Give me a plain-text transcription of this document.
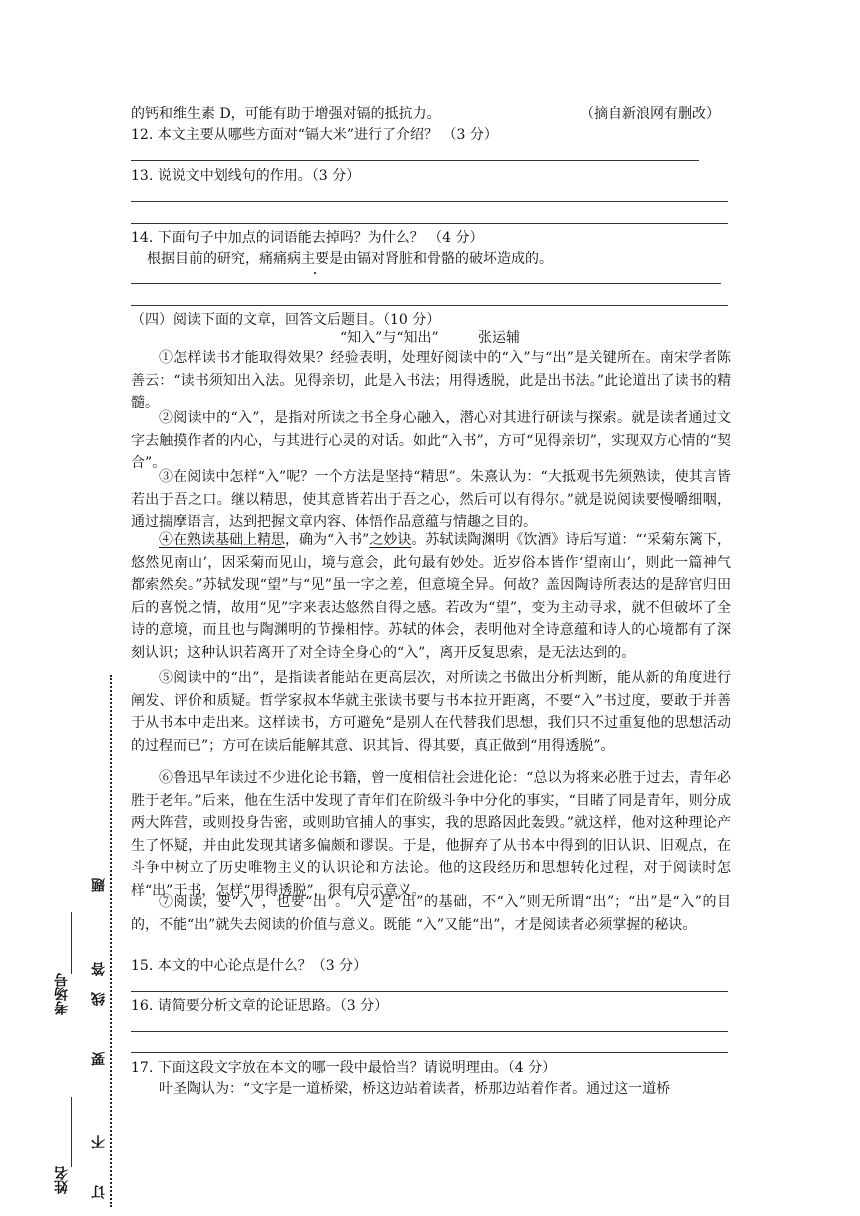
的钙和维生素 D，可能有助于增强对镉的抵抗力。	（摘自新浪网有删改）
12. 本文主要从哪些方面对“镉大米”进行了介绍？ （3 分）
13. 说说文中划线句的作用。（3 分）
14. 下面句子中加点的词语能去掉吗？为什么？ （4 分）
根据目前的研究，痛痛病主要是由镉对肾脏和骨骼的破坏造成的。
（四）阅读下面的文章，回答文后题目。（10 分）
“知入”与“知出”	张运辅
①怎样读书才能取得效果？经验表明，处理好阅读中的“入”与“出”是关键所在。南宋学者陈善云：“读书须知出入法。见得亲切，此是入书法；用得透脱，此是出书法。”此论道出了读书的精髓。
②阅读中的“入”，是指对所读之书全身心融入，潜心对其进行研读与探索。就是读者通过文字去触摸作者的内心，与其进行心灵的对话。如此“入书”，方可“见得亲切”，实现双方心情的“契合”。
③在阅读中怎样“入”呢？一个方法是坚持“精思”。朱熹认为：“大抵观书先须熟读，使其言皆若出于吾之口。继以精思，使其意皆若出于吾之心，然后可以有得尔。”就是说阅读要慢嚼细咽，通过揣摩语言，达到把握文章内容、体悟作品意蕴与情趣之目的。
④在熟读基础上精思，确为“入书”之妙诀。苏轼读陶渊明《饮酒》诗后写道：“‘采菊东篱下，悠然见南山’，因采菊而见山，境与意会，此句最有妙处。近岁俗本皆作‘望南山’，则此一篇神气都索然矣。”苏轼发现“望”与“见”虽一字之差，但意境全异。何故？盖因陶诗所表达的是辞官归田后的喜悦之情，故用“见”字来表达悠然自得之感。若改为“望”，变为主动寻求，就不但破坏了全诗的意境，而且也与陶渊明的节操相悖。苏轼的体会，表明他对全诗意蕴和诗人的心境都有了深刻认识；这种认识若离开了对全诗全身心的“入”，离开反复思索，是无法达到的。
⑤阅读中的“出”，是指读者能站在更高层次，对所读之书做出分析判断，能从新的角度进行阐发、评价和质疑。哲学家叔本华就主张读书要与书本拉开距离，不要“入”书过度，要敢于并善于从书本中走出来。这样读书，方可避免“是别人在代替我们思想，我们只不过重复他的思想活动的过程而已”；方可在读后能解其意、识其旨、得其要，真正做到“用得透脱”。
⑥鲁迅早年读过不少进化论书籍，曾一度相信社会进化论：“总以为将来必胜于过去，青年必胜于老年。”后来，他在生活中发现了青年们在阶级斗争中分化的事实，“目睹了同是青年，则分成两大阵营，或则投身告密，或则助官捕人的事实，我的思路因此轰毁。”就这样，他对这种理论产生了怀疑，并由此发现其诸多偏颇和谬误。于是，他摒弃了从书本中得到的旧认识、旧观点，在斗争中树立了历史唯物主义的认识论和方法论。他的这段经历和思想转化过程，对于阅读时怎样“出”于书，怎样“用得透脱”，很有启示意义。
⑦阅读，要“入”，也要“出”。“入”是“出”的基础，不“入”则无所谓“出”；“出”是“入”的目的，不能“出”就失去阅读的价值与意义。既能 “入”又能“出”，才是阅读者必须掌握的秘诀。
15. 本文的中心论点是什么？（3 分）
16. 请简要分析文章的论证思路。（3 分）
17. 下面这段文字放在本文的哪一段中最恰当？请说明理由。（4 分）
叶圣陶认为：“文字是一道桥梁，桥这边站着读者，桥那边站着作者。通过这一道桥
考场号
姓名
题
答
线
要
不
订
